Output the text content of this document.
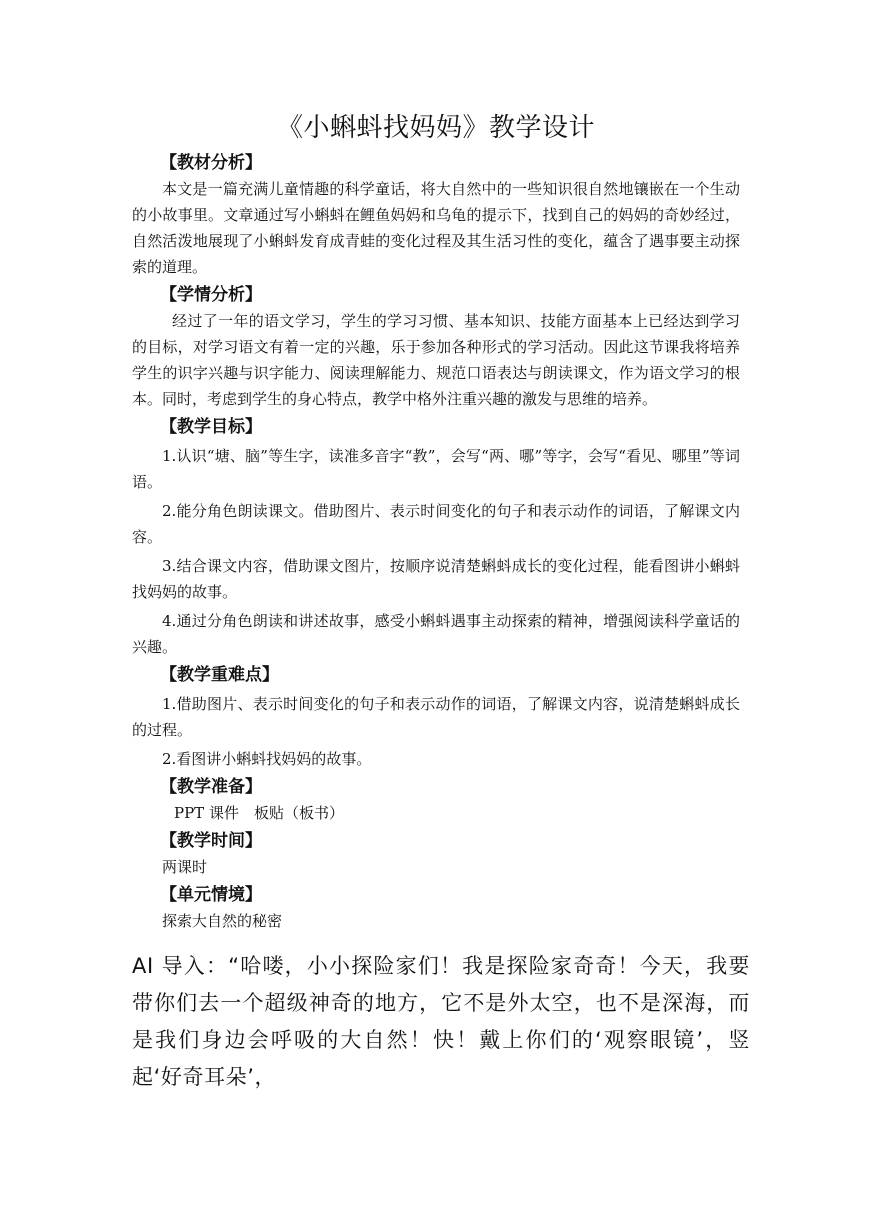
《小蝌蚪找妈妈》教学设计
【教材分析】

本文是一篇充满儿童情趣的科学童话，将大自然中的一些知识很自然地镶嵌在一个生动的小故事里。文章通过写小蝌蚪在鲤鱼妈妈和乌龟的提示下，找到自己的妈妈的奇妙经过，自然活泼地展现了小蝌蚪发育成青蛙的变化过程及其生活习性的变化，蕴含了遇事要主动探索的道理。

【学情分析】

经过了一年的语文学习，学生的学习习惯、基本知识、技能方面基本上已经达到学习的目标，对学习语文有着一定的兴趣，乐于参加各种形式的学习活动。因此这节课我将培养学生的识字兴趣与识字能力、阅读理解能力、规范口语表达与朗读课文，作为语文学习的根本。同时，考虑到学生的身心特点，教学中格外注重兴趣的激发与思维的培养。

【教学目标】

1.认识“塘、脑”等生字，读准多音字“教”，会写“两、哪”等字，会写“看见、哪里”等词语。

2.能分角色朗读课文。借助图片、表示时间变化的句子和表示动作的词语，了解课文内容。

3.结合课文内容，借助课文图片，按顺序说清楚蝌蚪成长的变化过程，能看图讲小蝌蚪找妈妈的故事。

4.通过分角色朗读和讲述故事，感受小蝌蚪遇事主动探索的精神，增强阅读科学童话的兴趣。

【教学重难点】

1.借助图片、表示时间变化的句子和表示动作的词语，了解课文内容，说清楚蝌蚪成长的过程。

2.看图讲小蝌蚪找妈妈的故事。

【教学准备】

PPT 课件　板贴（板书）

【教学时间】

两课时

【单元情境】

探索大自然的秘密

AI 导入：“哈喽，小小探险家们！我是探险家奇奇！今天，我要带你们去一个超级神奇的地方，它不是外太空，也不是深海，而是我们身边会呼吸的大自然！快！戴上你们的‘观察眼镜’，竖起‘好奇耳朵’，
